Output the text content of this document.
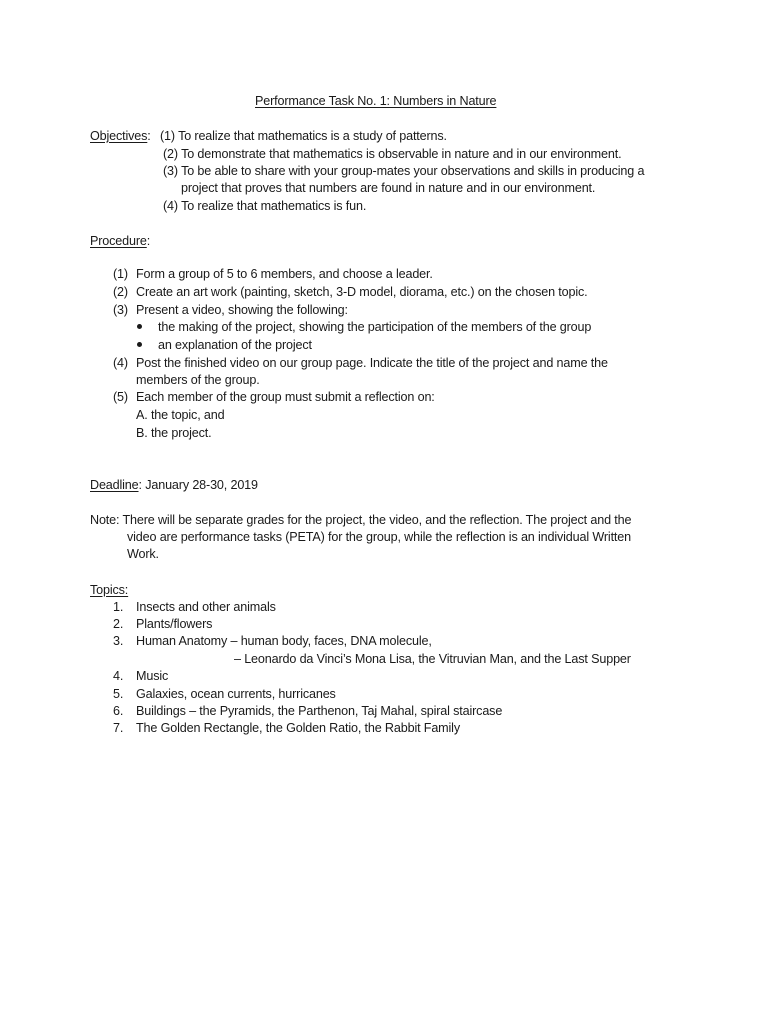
Performance Task No. 1: Numbers in Nature
Objectives: (1) To realize that mathematics is a study of patterns.
(2) To demonstrate that mathematics is observable in nature and in our environment.
(3) To be able to share with your group-mates your observations and skills in producing a
project that proves that numbers are found in nature and in our environment.
(4) To realize that mathematics is fun.
Procedure:
(1) Form a group of 5 to 6 members, and choose a leader.
(2) Create an art work (painting, sketch, 3-D model, diorama, etc.) on the chosen topic.
(3) Present a video, showing the following:
the making of the project, showing the participation of the members of the group
an explanation of the project
(4) Post the finished video on our group page. Indicate the title of the project and name the
members of the group.
(5) Each member of the group must submit a reflection on:
A. the topic, and
B. the project.
Deadline: January 28-30, 2019
Note: There will be separate grades for the project, the video, and the reflection. The project and the
video are performance tasks (PETA) for the group, while the reflection is an individual Written
Work.
Topics:
1. Insects and other animals
2. Plants/flowers
3. Human Anatomy – human body, faces, DNA molecule,
– Leonardo da Vinci’s Mona Lisa, the Vitruvian Man, and the Last Supper
4. Music
5. Galaxies, ocean currents, hurricanes
6. Buildings – the Pyramids, the Parthenon, Taj Mahal, spiral staircase
7. The Golden Rectangle, the Golden Ratio, the Rabbit Family
